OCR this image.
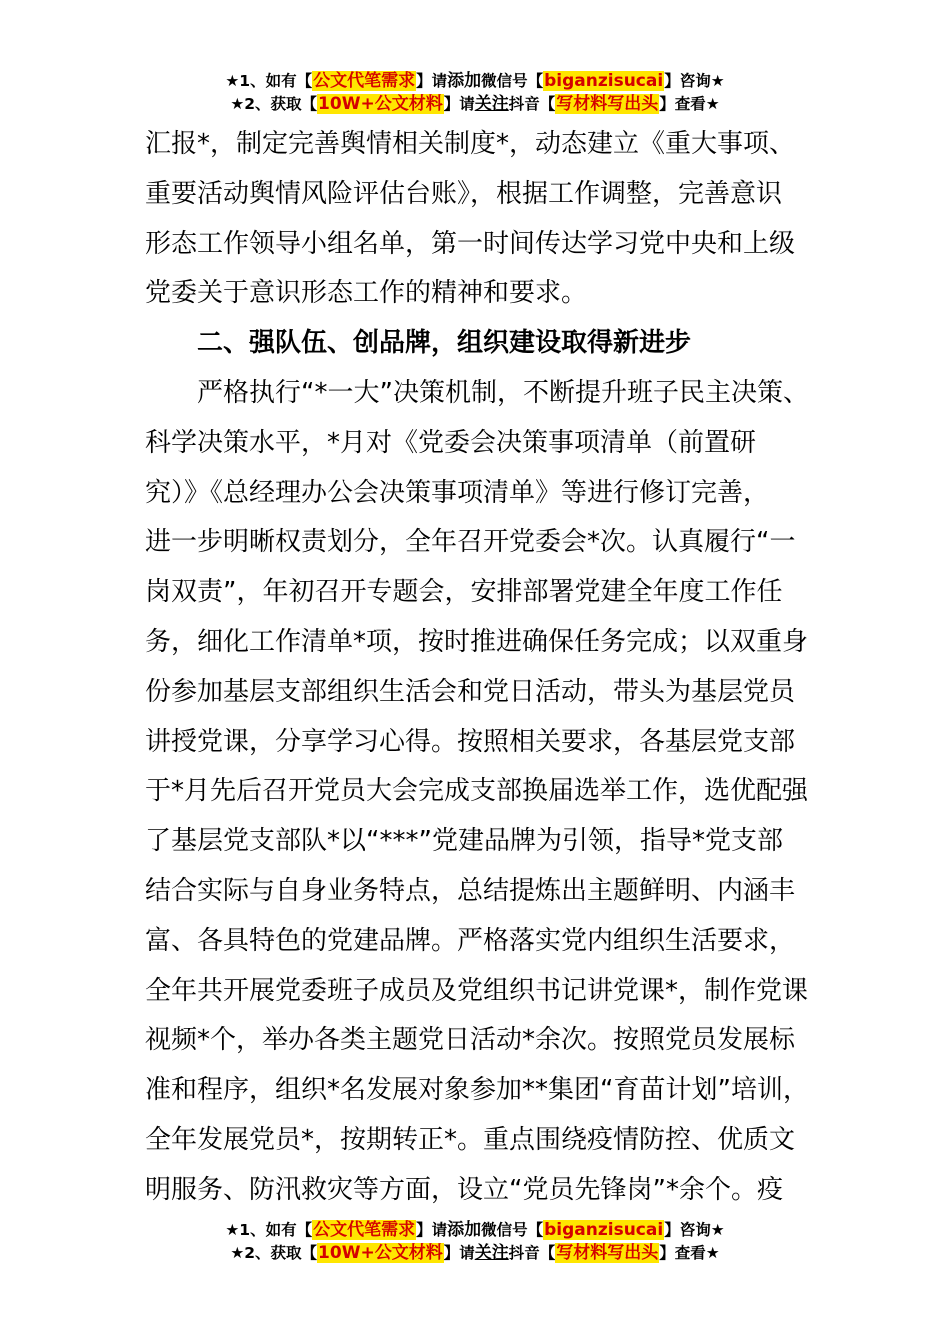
★1、如有【公文代笔需求】请添加微信号【biganzisucai】咨询★
★2、获取【10W+公文材料】请关注抖音【写材料写出头】查看★
汇报*，制定完善舆情相关制度*，动态建立《重大事项、
重要活动舆情风险评估台账》，根据工作调整，完善意识
形态工作领导小组名单，第一时间传达学习党中央和上级
党委关于意识形态工作的精神和要求。
二、强队伍、创品牌，组织建设取得新进步
　　严格执行“*一大”决策机制，不断提升班子民主决策、
科学决策水平，*月对《党委会决策事项清单（前置研
究）》《总经理办公会决策事项清单》等进行修订完善，
进一步明晰权责划分，全年召开党委会*次。认真履行“一
岗双责”，年初召开专题会，安排部署党建全年度工作任
务，细化工作清单*项，按时推进确保任务完成；以双重身
份参加基层支部组织生活会和党日活动，带头为基层党员
讲授党课，分享学习心得。按照相关要求，各基层党支部
于*月先后召开党员大会完成支部换届选举工作，选优配强
了基层党支部队*以“***”党建品牌为引领，指导*党支部
结合实际与自身业务特点，总结提炼出主题鲜明、内涵丰
富、各具特色的党建品牌。严格落实党内组织生活要求，
全年共开展党委班子成员及党组织书记讲党课*，制作党课
视频*个，举办各类主题党日活动*余次。按照党员发展标
准和程序，组织*名发展对象参加**集团“育苗计划”培训，
全年发展党员*，按期转正*。重点围绕疫情防控、优质文
明服务、防汛救灾等方面，设立“党员先锋岗”*余个。疫
★1、如有【公文代笔需求】请添加微信号【biganzisucai】咨询★
★2、获取【10W+公文材料】请关注抖音【写材料写出头】查看★
